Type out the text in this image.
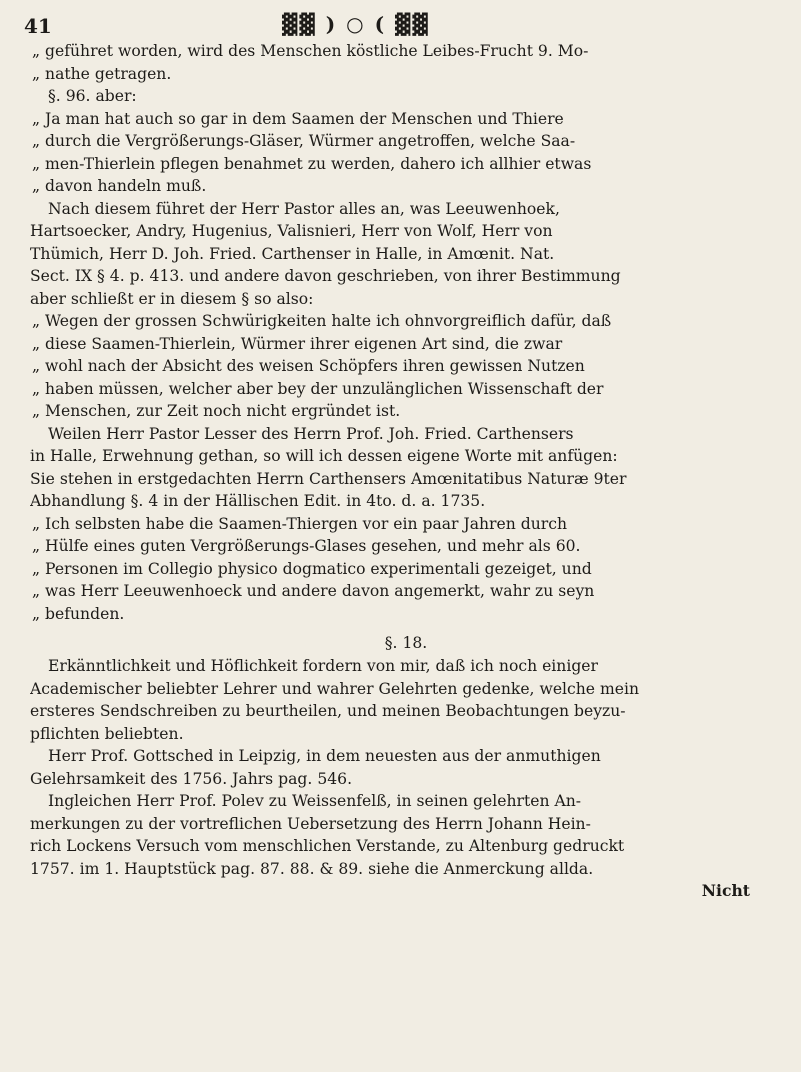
41	▓▓ ) ○ ( ▓▓
„ geführet worden, wird des Menschen köstliche Leibes-Frucht 9. Mo-
„ nathe getragen.
§. 96. aber:
„ Ja man hat auch so gar in dem Saamen der Menschen und Thiere
„ durch die Vergrößerungs-Gläser, Würmer angetroffen, welche Saa-
„ men-Thierlein pflegen benahmet zu werden, dahero ich allhier etwas
„ davon handeln muß.
Nach diesem führet der Herr Pastor alles an, was Leeuwenhoek,
Hartsoecker, Andry, Hugenius, Valisnieri, Herr von Wolf, Herr von
Thümich, Herr D. Joh. Fried. Carthenser in Halle, in Amœnit. Nat.
Sect. IX § 4. p. 413. und andere davon geschrieben, von ihrer Bestimmung
aber schließt er in diesem § so also:
„ Wegen der grossen Schwürigkeiten halte ich ohnvorgreiflich dafür, daß
„ diese Saamen-Thierlein, Würmer ihrer eigenen Art sind, die zwar
„ wohl nach der Absicht des weisen Schöpfers ihren gewissen Nutzen
„ haben müssen, welcher aber bey der unzulänglichen Wissenschaft der
„ Menschen, zur Zeit noch nicht ergründet ist.
Weilen Herr Pastor Lesser des Herrn Prof. Joh. Fried. Carthensers
in Halle, Erwehnung gethan, so will ich dessen eigene Worte mit anfügen:
Sie stehen in erstgedachten Herrn Carthensers Amœnitatibus Naturæ 9ter
Abhandlung §. 4 in der Hällischen Edit. in 4to. d. a. 1735.
„ Ich selbsten habe die Saamen-Thiergen vor ein paar Jahren durch
„ Hülfe eines guten Vergrößerungs-Glases gesehen, und mehr als 60.
„ Personen im Collegio physico dogmatico experimentali gezeiget, und
„ was Herr Leeuwenhoeck und andere davon angemerkt, wahr zu seyn
„ befunden.
§. 18.
Erkänntlichkeit und Höflichkeit fordern von mir, daß ich noch einiger
Academischer beliebter Lehrer und wahrer Gelehrten gedenke, welche mein
ersteres Sendschreiben zu beurtheilen, und meinen Beobachtungen beyzu-
pflichten beliebten.
Herr Prof. Gottsched in Leipzig, in dem neuesten aus der anmuthigen
Gelehrsamkeit des 1756. Jahrs pag. 546.
Ingleichen Herr Prof. Polev zu Weissenfelß, in seinen gelehrten An-
merkungen zu der vortreflichen Uebersetzung des Herrn Johann Hein-
rich Lockens Versuch vom menschlichen Verstande, zu Altenburg gedruckt
1757. im 1. Hauptstück pag. 87. 88. & 89. siehe die Anmerckung allda.
Nicht
